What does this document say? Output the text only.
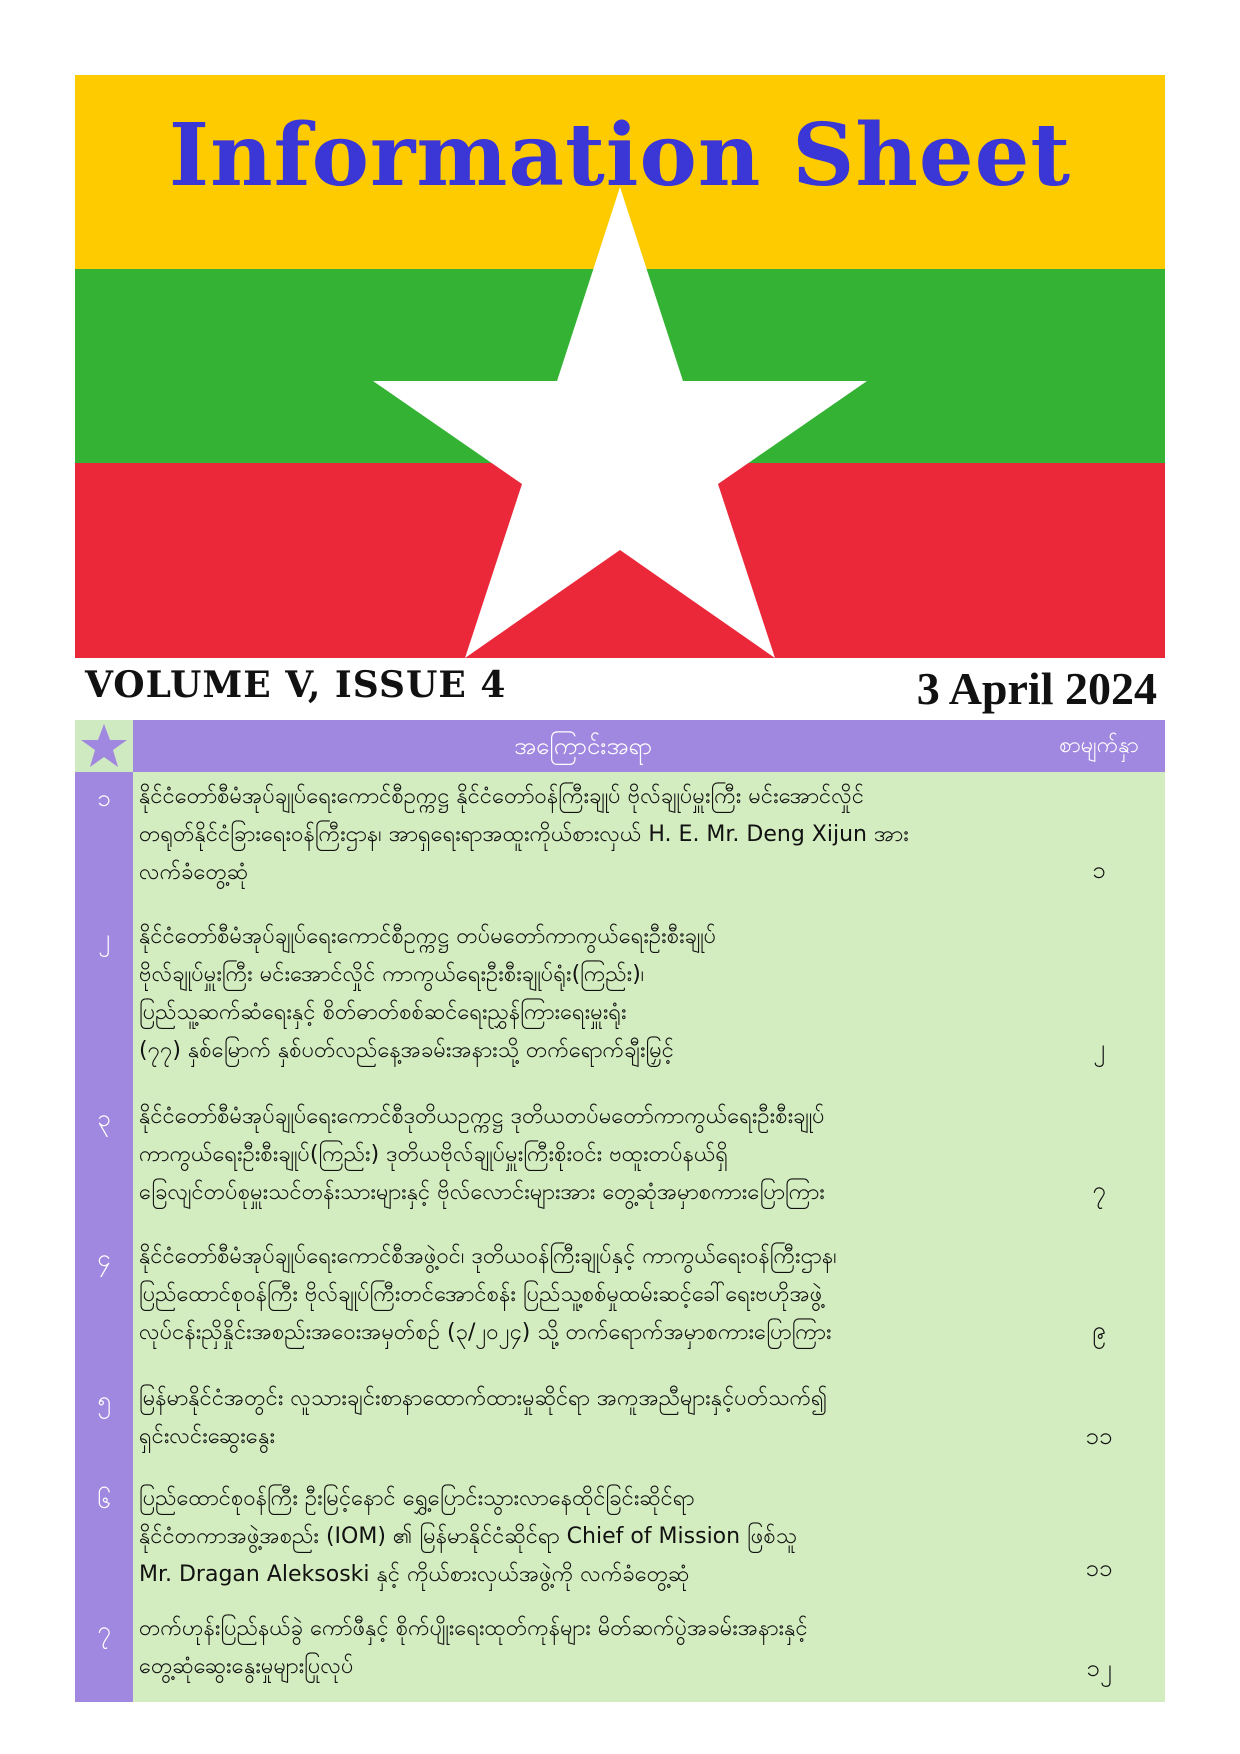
Information Sheet
VOLUME V, ISSUE 4	3 April 2024
အကြောင်းအရာ	စာမျက်နှာ
၁	နိုင်ငံတော်စီမံအုပ်ချုပ်ရေးကောင်စီဥက္ကဋ္ဌ နိုင်ငံတော်ဝန်ကြီးချုပ် ဗိုလ်ချုပ်မှူးကြီး မင်းအောင်လှိုင်
တရုတ်နိုင်ငံခြားရေးဝန်ကြီးဌာန၊ အာရှရေးရာအထူးကိုယ်စားလှယ် H. E. Mr. Deng Xijun အား
လက်ခံတွေ့ဆုံ	၁
၂	နိုင်ငံတော်စီမံအုပ်ချုပ်ရေးကောင်စီဥက္ကဋ္ဌ တပ်မတော်ကာကွယ်ရေးဦးစီးချုပ်
ဗိုလ်ချုပ်မှူးကြီး မင်းအောင်လှိုင် ကာကွယ်ရေးဦးစီးချုပ်ရုံး(ကြည်း)၊
ပြည်သူ့ဆက်ဆံရေးနှင့် စိတ်ဓာတ်စစ်ဆင်ရေးညွှန်ကြားရေးမှူးရုံး
(၇၇) နှစ်မြောက် နှစ်ပတ်လည်နေ့အခမ်းအနားသို့ တက်ရောက်ချီးမြှင့်	၂
၃	နိုင်ငံတော်စီမံအုပ်ချုပ်ရေးကောင်စီဒုတိယဥက္ကဋ္ဌ ဒုတိယတပ်မတော်ကာကွယ်ရေးဦးစီးချုပ်
ကာကွယ်ရေးဦးစီးချုပ်(ကြည်း) ဒုတိယဗိုလ်ချုပ်မှူးကြီးစိုးဝင်း ဗထူးတပ်နယ်ရှိ
ခြေလျင်တပ်စုမှူးသင်တန်းသားများနှင့် ဗိုလ်လောင်းများအား တွေ့ဆုံအမှာစကားပြောကြား	၇
၄	နိုင်ငံတော်စီမံအုပ်ချုပ်ရေးကောင်စီအဖွဲ့ဝင်၊ ဒုတိယဝန်ကြီးချုပ်နှင့် ကာကွယ်ရေးဝန်ကြီးဌာန၊
ပြည်ထောင်စုဝန်ကြီး ဗိုလ်ချုပ်ကြီးတင်အောင်စန်း ပြည်သူ့စစ်မှုထမ်းဆင့်ခေါ်ရေးဗဟိုအဖွဲ့
လုပ်ငန်းညှိနှိုင်းအစည်းအဝေးအမှတ်စဉ် (၃/၂၀၂၄) သို့ တက်ရောက်အမှာစကားပြောကြား	၉
၅	မြန်မာနိုင်ငံအတွင်း လူသားချင်းစာနာထောက်ထားမှုဆိုင်ရာ အကူအညီများနှင့်ပတ်သက်၍
ရှင်းလင်းဆွေးနွေး	၁၁
၆	ပြည်ထောင်စုဝန်ကြီး ဦးမြင့်နောင် ရွှေ့ပြောင်းသွားလာနေထိုင်ခြင်းဆိုင်ရာ
နိုင်ငံတကာအဖွဲ့အစည်း (IOM) ၏ မြန်မာနိုင်ငံဆိုင်ရာ Chief of Mission ဖြစ်သူ
Mr. Dragan Aleksoski နှင့် ကိုယ်စားလှယ်အဖွဲ့ကို လက်ခံတွေ့ဆုံ	၁၁
၇	တက်ဟုန်းပြည်နယ်ခွဲ ကော်ဖီနှင့် စိုက်ပျိုးရေးထုတ်ကုန်များ မိတ်ဆက်ပွဲအခမ်းအနားနှင့်
တွေ့ဆုံဆွေးနွေးမှုများပြုလုပ်	၁၂
